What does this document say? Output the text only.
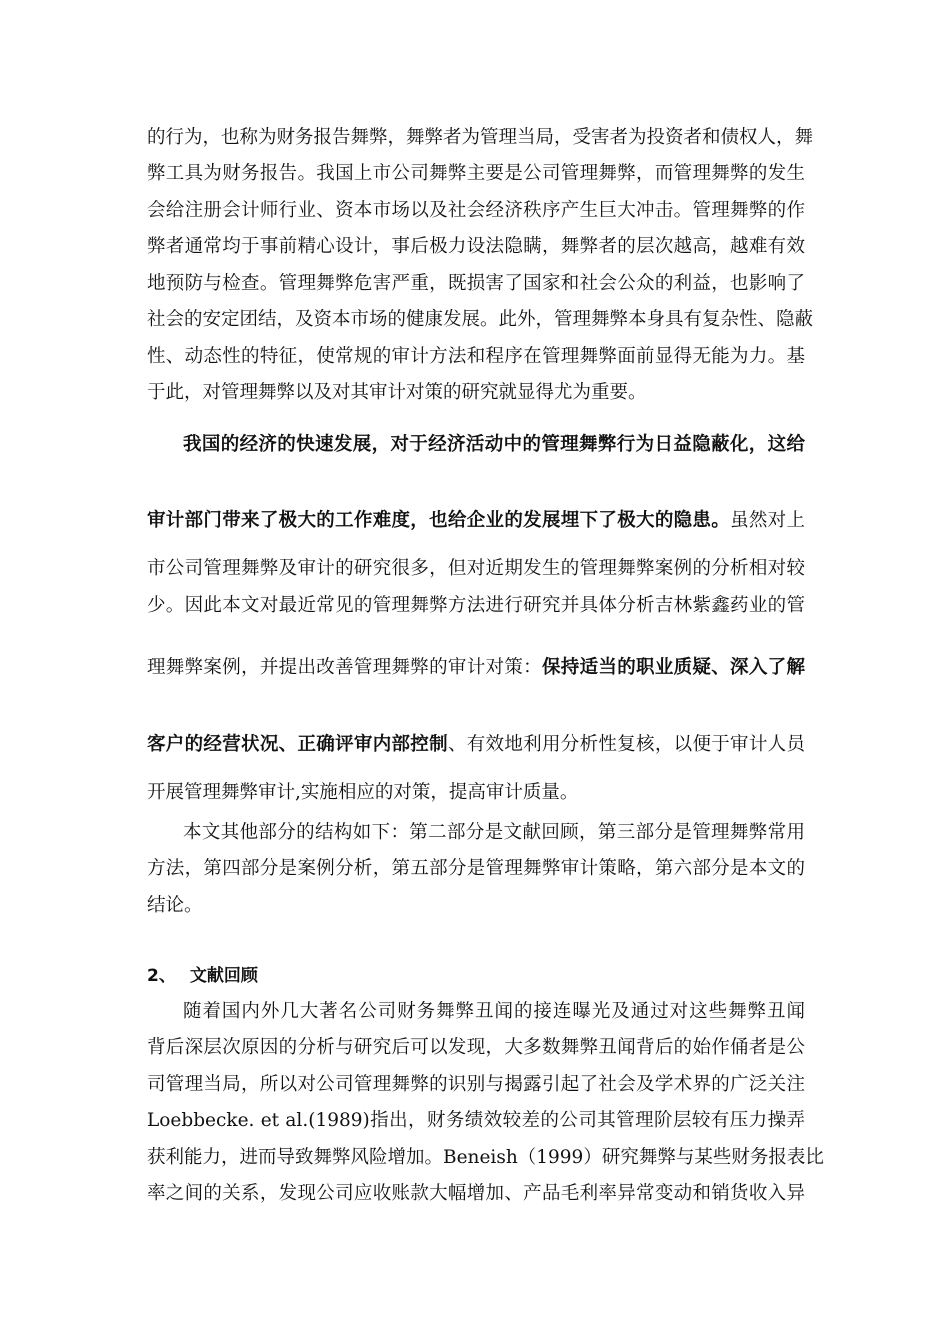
的行为，也称为财务报告舞弊，舞弊者为管理当局，受害者为投资者和债权人，舞

弊工具为财务报告。我国上市公司舞弊主要是公司管理舞弊，而管理舞弊的发生

会给注册会计师行业、资本市场以及社会经济秩序产生巨大冲击。管理舞弊的作

弊者通常均于事前精心设计，事后极力设法隐瞒，舞弊者的层次越高，越难有效

地预防与检查。管理舞弊危害严重，既损害了国家和社会公众的利益，也影响了

社会的安定团结，及资本市场的健康发展。此外，管理舞弊本身具有复杂性、隐蔽

性、动态性的特征，使常规的审计方法和程序在管理舞弊面前显得无能为力。基

于此，对管理舞弊以及对其审计对策的研究就显得尤为重要。

我国的经济的快速发展，对于经济活动中的管理舞弊行为日益隐蔽化，这给

审计部门带来了极大的工作难度，也给企业的发展埋下了极大的隐患。虽然对上

市公司管理舞弊及审计的研究很多，但对近期发生的管理舞弊案例的分析相对较

少。因此本文对最近常见的管理舞弊方法进行研究并具体分析吉林紫鑫药业的管

理舞弊案例，并提出改善管理舞弊的审计对策：保持适当的职业质疑、深入了解

客户的经营状况、正确评审内部控制、有效地利用分析性复核，以便于审计人员

开展管理舞弊审计,实施相应的对策，提高审计质量。

本文其他部分的结构如下：第二部分是文献回顾，第三部分是管理舞弊常用

方法，第四部分是案例分析，第五部分是管理舞弊审计策略，第六部分是本文的

结论。

2、 文献回顾

随着国内外几大著名公司财务舞弊丑闻的接连曝光及通过对这些舞弊丑闻

背后深层次原因的分析与研究后可以发现，大多数舞弊丑闻背后的始作俑者是公

司管理当局，所以对公司管理舞弊的识别与揭露引起了社会及学术界的广泛关注

Loebbecke. et al.(1989)指出，财务绩效较差的公司其管理阶层较有压力操弄

获利能力，进而导致舞弊风险增加。Beneish（1999）研究舞弊与某些财务报表比

率之间的关系，发现公司应收账款大幅增加、产品毛利率异常变动和销货收入异
